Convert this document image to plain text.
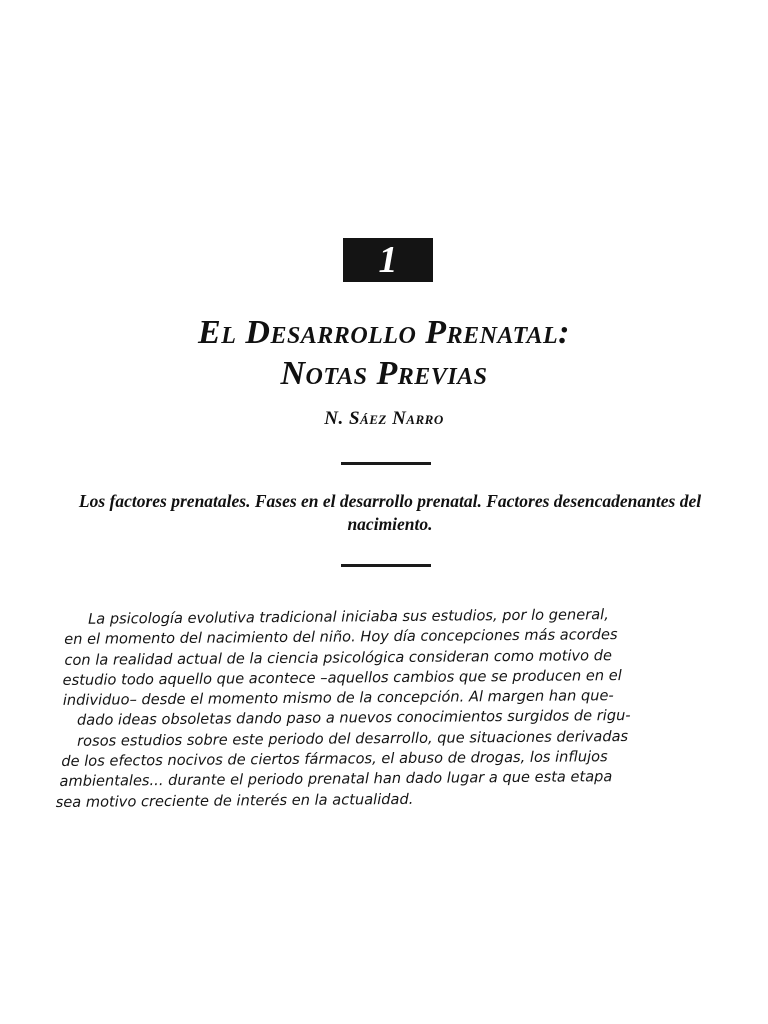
1
El Desarrollo Prenatal:
Notas Previas
N. Sáez Narro
Los factores prenatales. Fases en el desarrollo prenatal. Factores desencadenantes del nacimiento.
La psicología evolutiva tradicional iniciaba sus estudios, por lo general,
en el momento del nacimiento del niño. Hoy día concepciones más acordes
con la realidad actual de la ciencia psicológica consideran como motivo de
estudio todo aquello que acontece –aquellos cambios que se producen en el
individuo– desde el momento mismo de la concepción. Al margen han que-
dado ideas obsoletas dando paso a nuevos conocimientos surgidos de rigu-
rosos estudios sobre este periodo del desarrollo, que situaciones derivadas
de los efectos nocivos de ciertos fármacos, el abuso de drogas, los influjos
ambientales... durante el periodo prenatal han dado lugar a que esta etapa
sea motivo creciente de interés en la actualidad.
